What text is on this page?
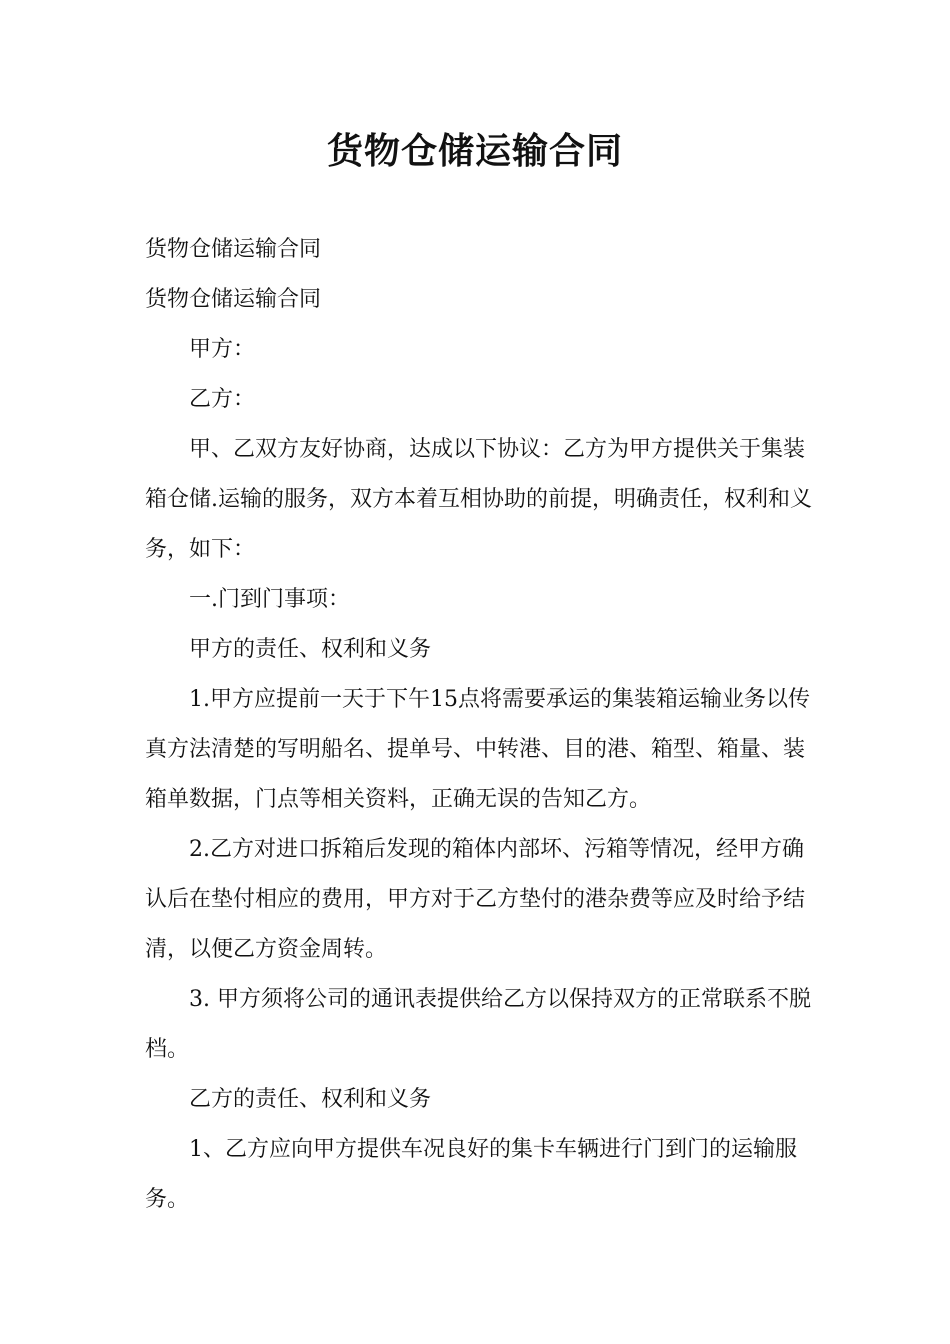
货物仓储运输合同

货物仓储运输合同

货物仓储运输合同

甲方：

乙方：

甲、乙双方友好协商，达成以下协议：乙方为甲方提供关于集装箱仓储.运输的服务，双方本着互相协助的前提，明确责任，权利和义务，如下：

一.门到门事项：

甲方的责任、权利和义务

1.甲方应提前一天于下午15点将需要承运的集装箱运输业务以传真方法清楚的写明船名、提单号、中转港、目的港、箱型、箱量、装箱单数据，门点等相关资料，正确无误的告知乙方。

2.乙方对进口拆箱后发现的箱体内部坏、污箱等情况，经甲方确认后在垫付相应的费用，甲方对于乙方垫付的港杂费等应及时给予结清，以便乙方资金周转。

3. 甲方须将公司的通讯表提供给乙方以保持双方的正常联系不脱档。

乙方的责任、权利和义务

1、乙方应向甲方提供车况良好的集卡车辆进行门到门的运输服务。
